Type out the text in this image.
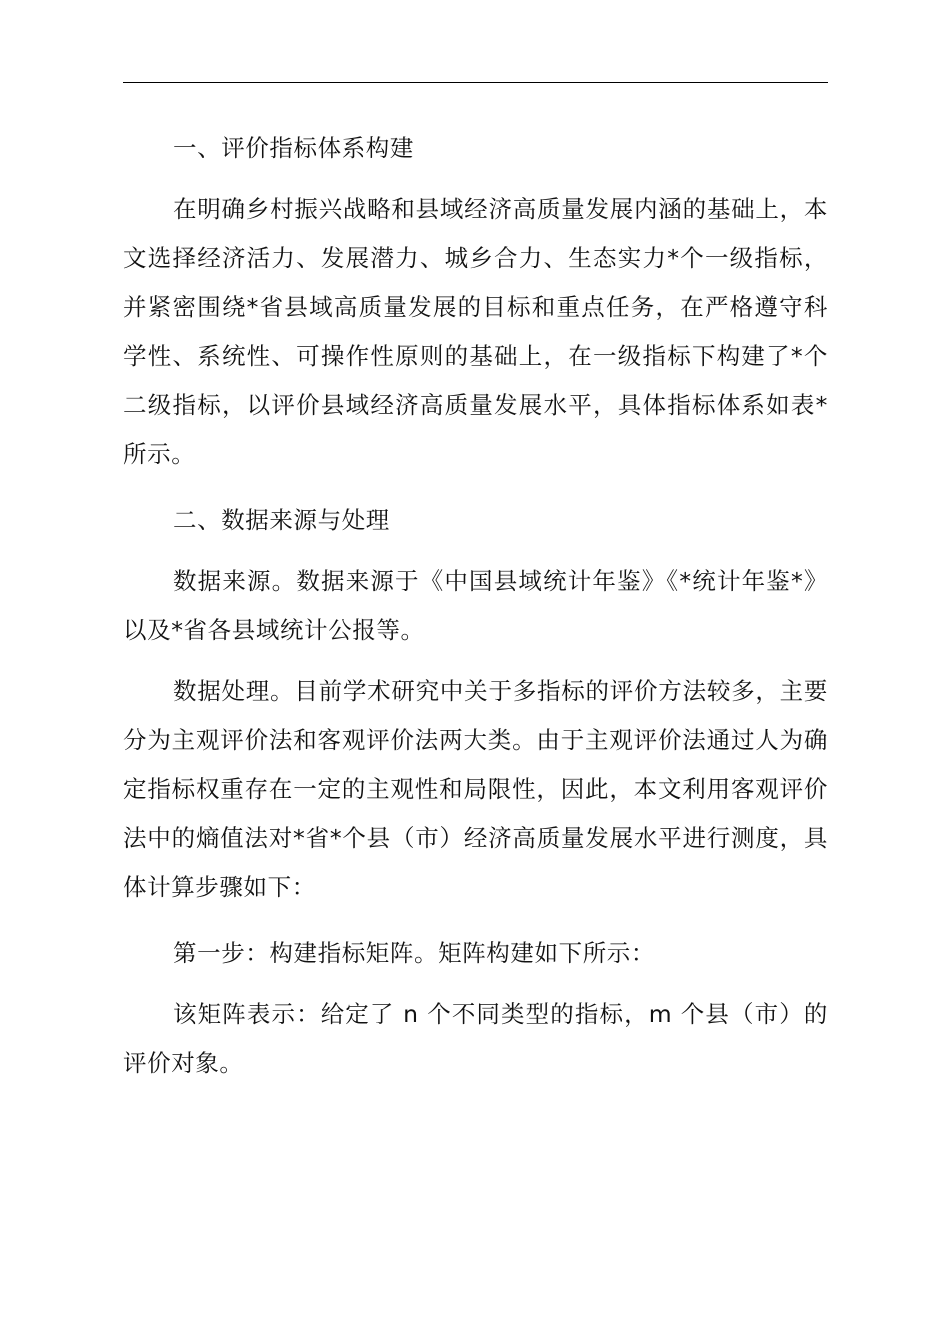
一、评价指标体系构建

在明确乡村振兴战略和县域经济高质量发展内涵的基础上，本文选择经济活力、发展潜力、城乡合力、生态实力*个一级指标，并紧密围绕*省县域高质量发展的目标和重点任务，在严格遵守科学性、系统性、可操作性原则的基础上，在一级指标下构建了*个二级指标，以评价县域经济高质量发展水平，具体指标体系如表*所示。

二、数据来源与处理

数据来源。数据来源于《中国县域统计年鉴》《*统计年鉴*》以及*省各县域统计公报等。

数据处理。目前学术研究中关于多指标的评价方法较多，主要分为主观评价法和客观评价法两大类。由于主观评价法通过人为确定指标权重存在一定的主观性和局限性，因此，本文利用客观评价法中的熵值法对*省*个县（市）经济高质量发展水平进行测度，具体计算步骤如下：

第一步：构建指标矩阵。矩阵构建如下所示：

该矩阵表示：给定了 n 个不同类型的指标，m 个县（市）的评价对象。
